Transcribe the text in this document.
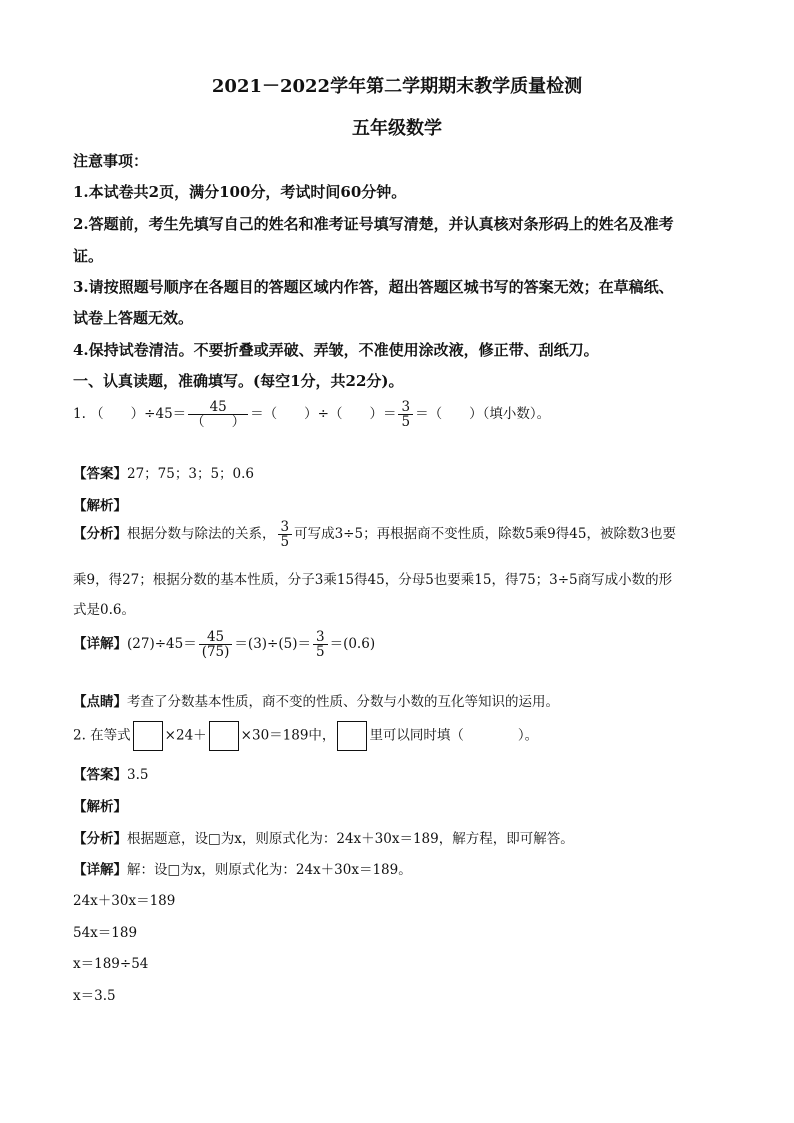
2021－2022学年第二学期期末教学质量检测
五年级数学
注意事项：
1.本试卷共2页，满分100分，考试时间60分钟。
2.答题前，考生先填写自己的姓名和准考证号填写清楚，并认真核对条形码上的姓名及准考
证。
3.请按照题号顺序在各题目的答题区域内作答，超出答题区城书写的答案无效；在草稿纸、
试卷上答题无效。
4.保持试卷清洁。不要折叠或弄破、弄皱，不准使用涂改液，修正带、刮纸刀。
一、认真读题，准确填写。(每空1分，共22分)。
1. （　　）$\div 45= \frac{45}{( )}$ ＝（　　）÷（　　）＝ $\frac{3}{5}$ ＝（　　）（填小数）。
【答案】27；75；3；5；0.6
【解析】
【分析】根据分数与除法的关系， $\frac{3}{5}$ 可写成3÷5；再根据商不变性质，除数5乘9得45，被除数3也要
乘9，得27；根据分数的基本性质，分子3乘15得45，分母5也要乘15，得75；3÷5商写成小数的形
式是0.6。
【详解】$(27)\div 45= \frac{45}{(75)} =(3)\div(5)= \frac{3}{5} =(0.6)$
【点睛】考查了分数基本性质，商不变的性质、分数与小数的互化等知识的运用。
2. 在等式	×24＋	×30＝189中，	里可以同时填（　　　　）。
【答案】3.5
【解析】
【分析】根据题意，设□为x，则原式化为：24x＋30x＝189，解方程，即可解答。
【详解】解：设□为x，则原式化为：24x＋30x＝189。
24x＋30x＝189
54x＝189
x＝189÷54
x＝3.5
